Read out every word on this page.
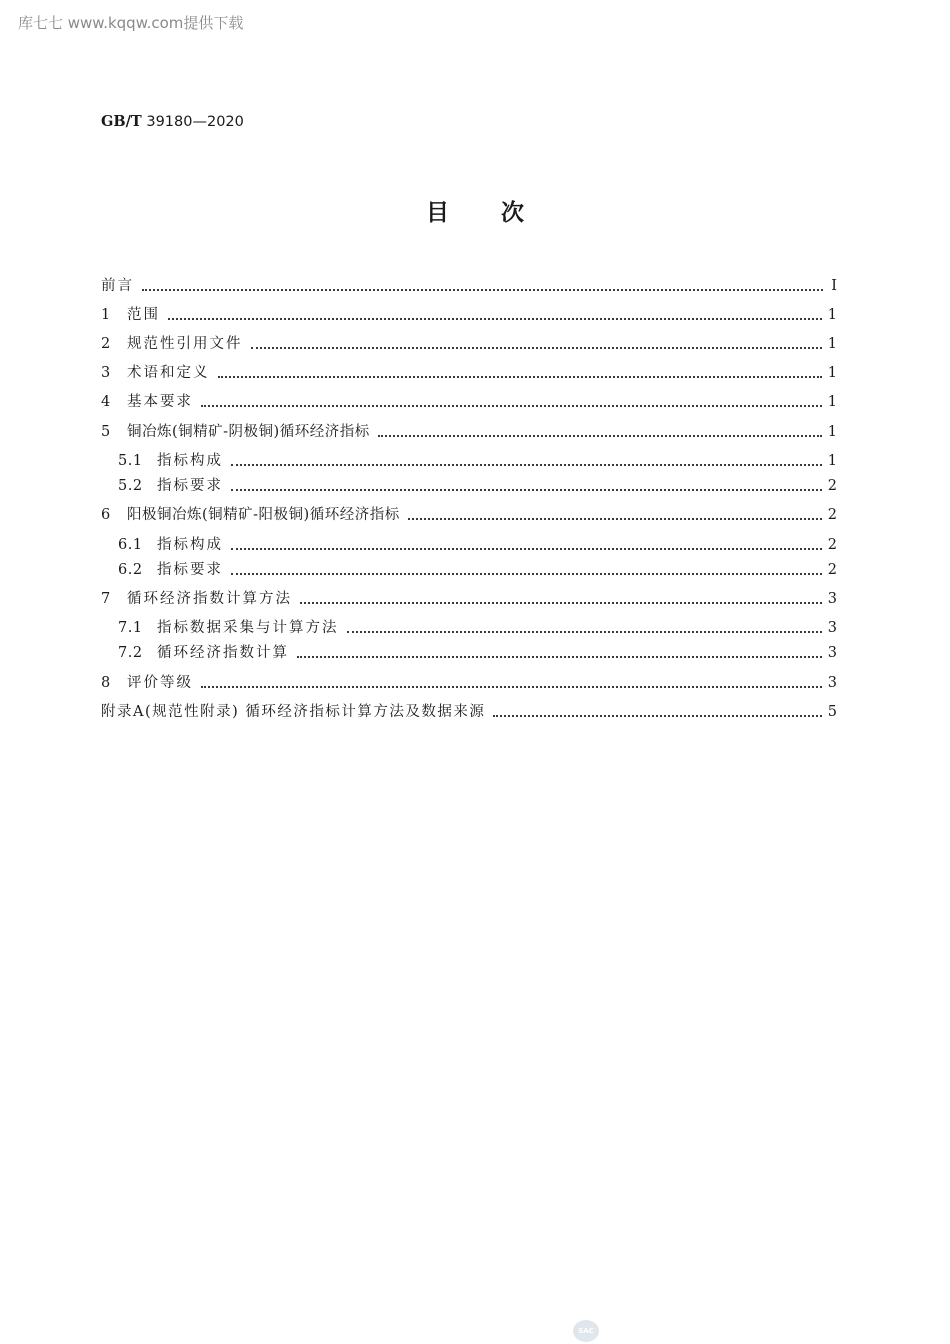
库七七 www.kqqw.com提供下载
GB/T 39180—2020
目 次
前言	Ⅰ
1	范围	1
2	规范性引用文件	1
3	术语和定义	1
4	基本要求	1
5	铜冶炼(铜精矿-阴极铜)循环经济指标	1
5.1 指标构成	1
5.2 指标要求	2
6	阳极铜冶炼(铜精矿-阳极铜)循环经济指标	2
6.1 指标构成	2
6.2 指标要求	2
7	循环经济指数计算方法	3
7.1 指标数据采集与计算方法	3
7.2 循环经济指数计算	3
8	评价等级	3
附录A(规范性附录) 循环经济指标计算方法及数据来源	5
SAC
